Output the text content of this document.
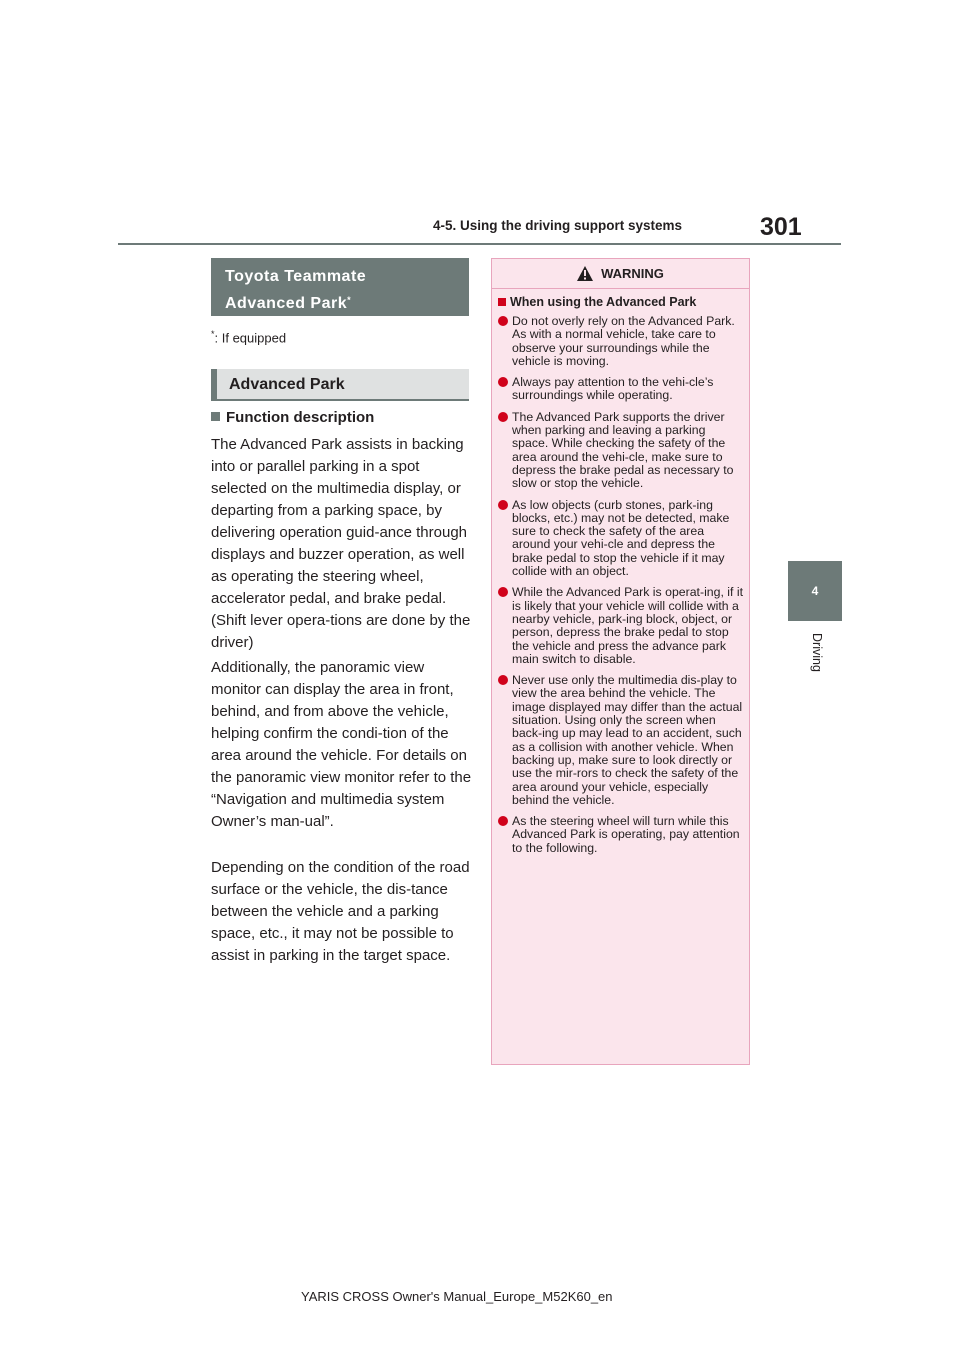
4-5. Using the driving support systems	301
4
Driving
Toyota Teammate
Advanced Park*
*: If equipped
Advanced Park
Function description

The Advanced Park assists in backing into or parallel parking in a spot selected on the multimedia display, or departing from a parking space, by delivering operation guid-ance through displays and buzzer operation, as well as operating the steering wheel, accelerator pedal, and brake pedal. (Shift lever opera-tions are done by the driver)

Additionally, the panoramic view monitor can display the area in front, behind, and from above the vehicle, helping confirm the condi-tion of the area around the vehicle. For details on the panoramic view monitor refer to the “Navigation and multimedia system Owner’s man-ual”.

Depending on the condition of the road surface or the vehicle, the dis-tance between the vehicle and a parking space, etc., it may not be possible to assist in parking in the target space.

WARNING
When using the Advanced Park
Do not overly rely on the Advanced Park. As with a normal vehicle, take care to observe your surroundings while the vehicle is moving.
Always pay attention to the vehi-cle’s surroundings while operating.
The Advanced Park supports the driver when parking and leaving a parking space. While checking the safety of the area around the vehi-cle, make sure to depress the brake pedal as necessary to slow or stop the vehicle.
As low objects (curb stones, park-ing blocks, etc.) may not be detected, make sure to check the safety of the area around your vehi-cle and depress the brake pedal to stop the vehicle if it may collide with an object.
While the Advanced Park is operat-ing, if it is likely that your vehicle will collide with a nearby vehicle, park-ing block, object, or person, depress the brake pedal to stop the vehicle and press the advance park main switch to disable.
Never use only the multimedia dis-play to view the area behind the vehicle. The image displayed may differ than the actual situation. Using only the screen when back-ing up may lead to an accident, such as a collision with another vehicle. When backing up, make sure to look directly or use the mir-rors to check the safety of the area around your vehicle, especially behind the vehicle.
As the steering wheel will turn while this Advanced Park is operating, pay attention to the following.
YARIS CROSS Owner's Manual_Europe_M52K60_en
